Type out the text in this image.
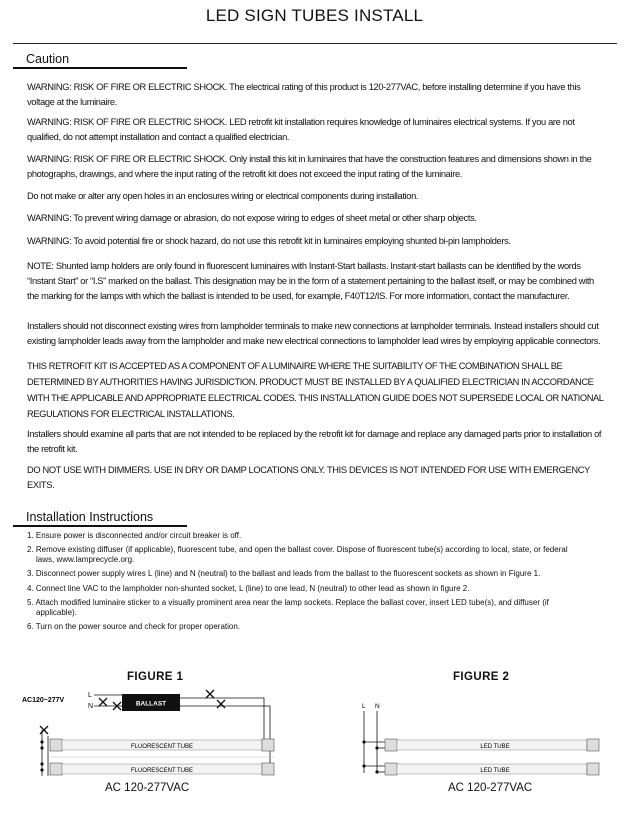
LED SIGN TUBES INSTALL
Caution
WARNING: RISK OF FIRE OR ELECTRIC SHOCK. The electrical rating of this product is 120-277VAC, before installing determine if you have this voltage at the luminaire.
WARNING: RISK OF FIRE OR ELECTRIC SHOCK. LED retrofit kit installation requires knowledge of luminaires electrical systems. If you are not qualified, do not attempt installation and contact a qualified electrician.
WARNING: RISK OF FIRE OR ELECTRIC SHOCK. Only install this kit in luminaires that have the construction features and dimensions shown in the photographs, drawings, and where the input rating of the retrofit kit does not exceed the input rating of the luminaire.
Do not make or alter any open holes in an enclosures wiring or electrical components during installation.
WARNING: To prevent wiring damage or abrasion, do not expose wiring to edges of sheet metal or other sharp objects.
WARNING: To avoid potential fire or shock hazard, do not use this retrofit kit in luminaires employing shunted bi-pin lampholders.
NOTE: Shunted lamp holders are only found in fluorescent luminaires with Instant-Start ballasts. Instant-start ballasts can be identified by the words “Instant Start” or “I.S” marked on the ballast. This designation may be in the form of a statement pertaining to the ballast itself, or may be combined with the marking for the lamps with which the ballast is intended to be used, for example, F40T12/IS. For more information, contact the manufacturer.
Installers should not disconnect existing wires from lampholder terminals to make new connections at lampholder terminals. Instead installers should cut existing lampholder leads away from the lampholder and make new electrical connections to lampholder lead wires by employing applicable connectors.
THIS RETROFIT KIT IS ACCEPTED AS A COMPONENT OF A LUMINAIRE WHERE THE SUITABILITY OF THE COMBINATION SHALL BE DETERMINED BY AUTHORITIES HAVING JURISDICTION. PRODUCT MUST BE INSTALLED BY A QUALIFIED ELECTRICIAN IN ACCORDANCE WITH THE APPLICABLE AND APPROPRIATE ELECTRICAL CODES. THIS INSTALLATION GUIDE DOES NOT SUPERSEDE LOCAL OR NATIONAL REGULATIONS FOR ELECTRICAL INSTALLATIONS.
Installers should examine all parts that are not intended to be replaced by the retrofit kit for damage and replace any damaged parts prior to installation of the retrofit kit.
DO NOT USE WITH DIMMERS. USE IN DRY OR DAMP LOCATIONS ONLY. THIS DEVICES IS NOT INTENDED FOR USE WITH EMERGENCY EXITS.
Installation Instructions
1. Ensure power is disconnected and/or circuit breaker is off.
2. Remove existing diffuser (if applicable), fluorescent tube, and open the ballast cover. Dispose of fluorescent tube(s) according to local, state, or federal laws, www.lamprecycle.org.
3. Disconnect power supply wires L (line) and N (neutral) to the ballast and leads from the ballast to the fluorescent sockets as shown in Figure 1.
4. Connect line VAC to the lampholder non-shunted socket, L (line) to one lead, N (neutral) to other lead as shown in figure 2.
5. Attach modified luminaire sticker to a visually prominent area near the lamp sockets. Replace the ballast cover, insert LED tube(s), and diffuser (if applicable).
6. Turn on the power source and check for proper operation.
FIGURE 1
AC120~277V
L
N	BALLAST
FLUORESCENT TUBE
FLUORESCENT TUBE
AC 120-277VAC
FIGURE 2
L N
LED TUBE
LED TUBE
AC 120-277VAC
